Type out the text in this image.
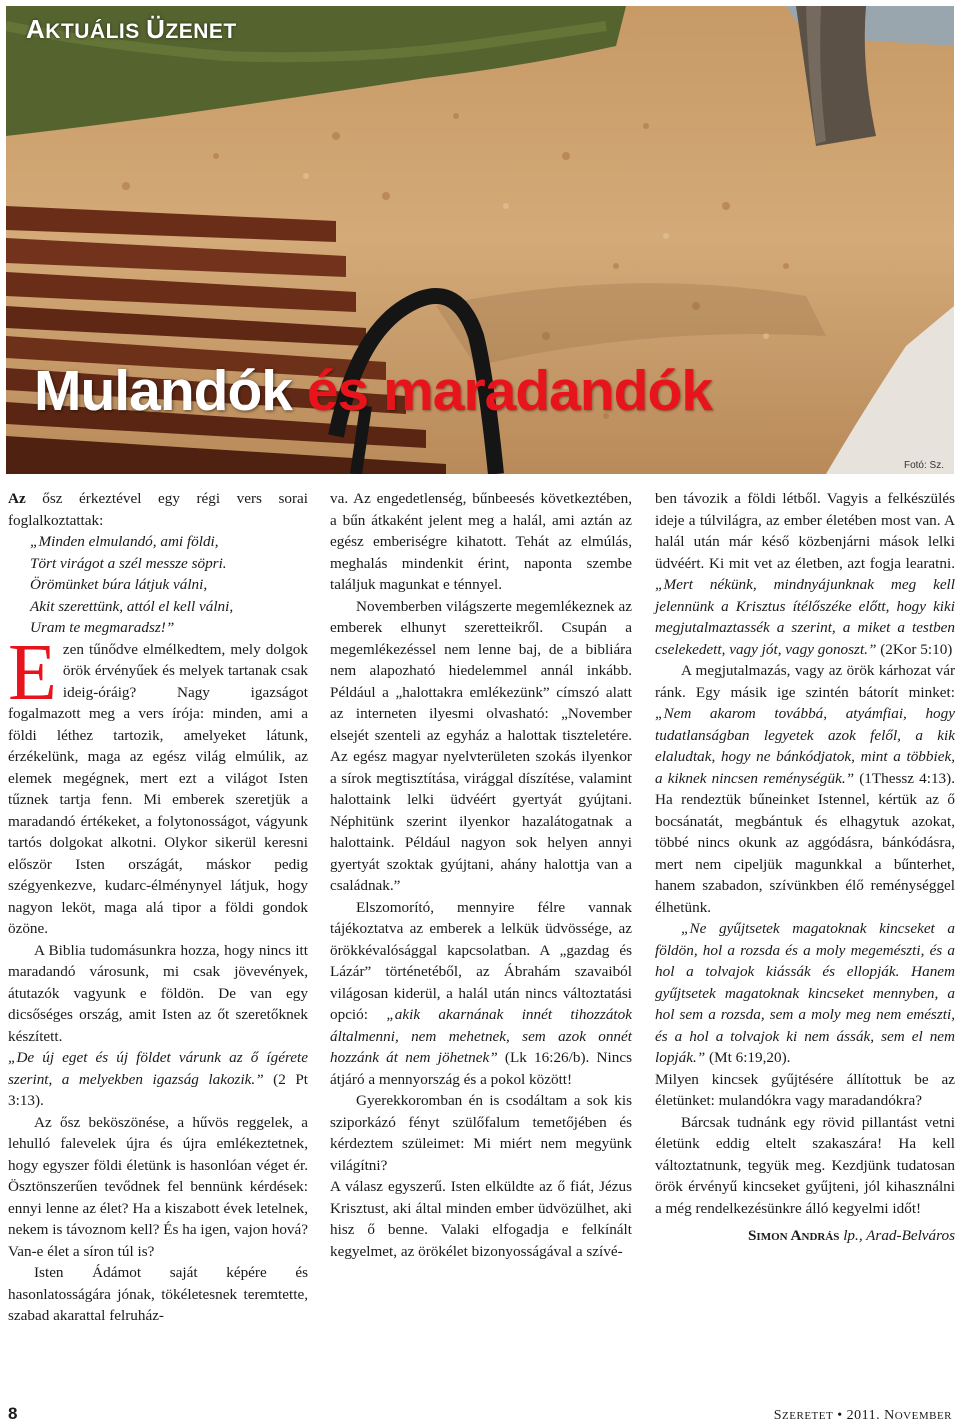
AKTUÁLIS ÜZENET
Mulandók és maradandók
Fotó: Sz.

Az ősz érkeztével egy régi vers sorai foglalkoztattak:

„Minden elmulandó, ami földi,
Tört virágot a szél messze söpri.
Örömünket búra látjuk válni,
Akit szerettünk, attól el kell válni,
Uram te megmaradsz!”

Ezen tűnődve elmélkedtem, mely dolgok örök érvényűek és melyek tartanak csak ideig-óráig? Nagy igazságot fogalmazott meg a vers írója: minden, ami a földi léthez tartozik, amelyeket látunk, érzékelünk, maga az egész világ elmúlik, az elemek megégnek, mert ezt a világot Isten tűznek tartja fenn. Mi emberek szeretjük a maradandó értékeket, a folytonosságot, vágyunk tartós dolgokat alkotni. Olykor sikerül keresni először Isten országát, máskor pedig szégyenkezve, kudarc-élménynyel látjuk, hogy nagyon leköt, maga alá tipor a földi gondok özöne.

A Biblia tudomásunkra hozza, hogy nincs itt maradandó városunk, mi csak jövevények, átutazók vagyunk e földön. De van egy dicsőséges ország, amit Isten az őt szeretőknek készített.

„De új eget és új földet várunk az ő ígérete szerint, a melyekben igazság lakozik.” (2 Pt 3:13).

Az ősz beköszönése, a hűvös reggelek, a lehulló falevelek újra és újra emlékeztetnek, hogy egyszer földi életünk is hasonlóan véget ér. Ösztönszerűen tevődnek fel bennünk kérdések: ennyi lenne az élet? Ha a kiszabott évek letelnek, nekem is távoznom kell? És ha igen, vajon hová? Van-e élet a síron túl is?

Isten Ádámot saját képére és hasonlatosságára jónak, tökéletesnek teremtette, szabad akarattal felruház-

va. Az engedetlenség, bűnbeesés következtében, a bűn átkaként jelent meg a halál, ami aztán az egész emberiségre kihatott. Tehát az elmúlás, meghalás mindenkit érint, naponta szembe találjuk magunkat e ténnyel.

Novemberben világszerte megemlékeznek az emberek elhunyt szeretteikről. Csupán a megemlékezéssel nem lenne baj, de a bibliára nem alapozható hiedelemmel annál inkább. Például a „halottakra emlékezünk” címszó alatt az interneten ilyesmi olvasható: „November elsejét szenteli az egyház a halottak tiszteletére. Az egész magyar nyelvterületen szokás ilyenkor a sírok megtisztítása, virággal díszítése, valamint halottaink lelki üdvéért gyertyát gyújtani. Néphitünk szerint ilyenkor hazalátogatnak a halottaink. Például nagyon sok helyen annyi gyertyát szoktak gyújtani, ahány halottja van a családnak.”

Elszomorító, mennyire félre vannak tájékoztatva az emberek a lelkük üdvössége, az örökkévalósággal kapcsolatban. A „gazdag és Lázár” történetéből, az Ábrahám szavaiból világosan kiderül, a halál után nincs változtatási opció: „akik akarnának innét tihozzátok általmenni, nem mehetnek, sem azok onnét hozzánk át nem jöhetnek” (Lk 16:26/b). Nincs átjáró a mennyország és a pokol között!

Gyerekkoromban én is csodáltam a sok kis sziporkázó fényt szülőfalum temetőjében és kérdeztem szüleimet: Mi miért nem megyünk világítni?

A válasz egyszerű. Isten elküldte az ő fiát, Jézus Krisztust, aki által minden ember üdvözülhet, aki hisz ő benne. Valaki elfogadja e felkínált kegyelmet, az örökélet bizonyosságával a szívé-

ben távozik a földi létből. Vagyis a felkészülés ideje a túlvilágra, az ember életében most van. A halál után már késő közbenjárni mások lelki üdvéért. Ki mit vet az életben, azt fogja learatni. „Mert nékünk, mindnyájunknak meg kell jelennünk a Krisztus ítélőszéke előtt, hogy kiki megjutalmaztassék a szerint, a miket a testben cselekedett, vagy jót, vagy gonoszt.” (2Kor 5:10)

A megjutalmazás, vagy az örök kárhozat vár ránk. Egy másik ige szintén bátorít minket: „Nem akarom továbbá, atyámfiai, hogy tudatlanságban legyetek azok felől, a kik elaludtak, hogy ne bánkódjatok, mint a többiek, a kiknek nincsen reménységük.” (1Thessz 4:13). Ha rendeztük bűneinket Istennel, kértük az ő bocsánatát, megbántuk és elhagytuk azokat, többé nincs okunk az aggódásra, bánkódásra, mert nem cipeljük magunkkal a bűnterhet, hanem szabadon, szívünkben élő reménységgel élhetünk.

„Ne gyűjtsetek magatoknak kincseket a földön, hol a rozsda és a moly megemészti, és a hol a tolvajok kiássák és ellopják. Hanem gyűjtsetek magatoknak kincseket mennyben, a hol sem a rozsda, sem a moly meg nem emészti, és a hol a tolvajok ki nem ássák, sem el nem lopják.” (Mt 6:19,20).

Milyen kincsek gyűjtésére állítottuk be az életünket: mulandókra vagy maradandókra?

Bárcsak tudnánk egy rövid pillantást vetni életünk eddig eltelt szakaszára! Ha kell változtatnunk, tegyük meg. Kezdjünk tudatosan örök érvényű kincseket gyűjteni, jól kihasználni a még rendelkezésünkre álló kegyelmi időt!

Simon András lp., Arad-Belváros
8	SZERETET • 2011. NOVEMBER
